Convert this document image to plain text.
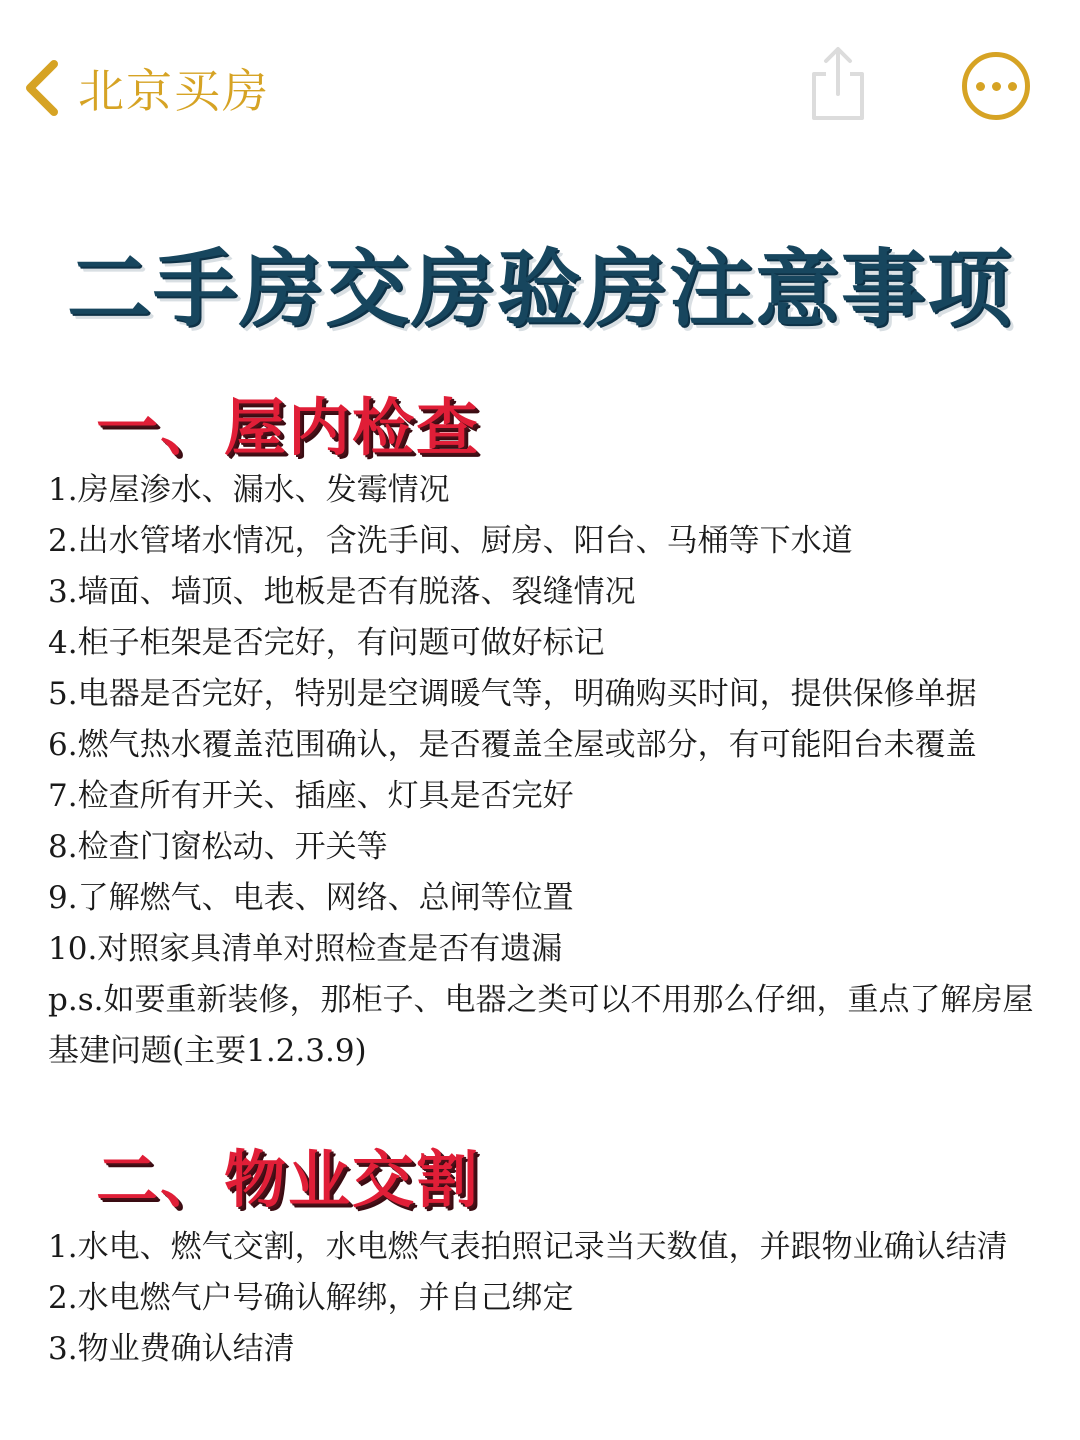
北京买房
二手房交房验房注意事项
一、屋内检查
1.房屋渗水、漏水、发霉情况
2.出水管堵水情况，含洗手间、厨房、阳台、马桶等下水道
3.墙面、墙顶、地板是否有脱落、裂缝情况
4.柜子柜架是否完好，有问题可做好标记
5.电器是否完好，特别是空调暖气等，明确购买时间，提供保修单据
6.燃气热水覆盖范围确认，是否覆盖全屋或部分，有可能阳台未覆盖
7.检查所有开关、插座、灯具是否完好
8.检查门窗松动、开关等
9.了解燃气、电表、网络、总闸等位置
10.对照家具清单对照检查是否有遗漏
p.s.如要重新装修，那柜子、电器之类可以不用那么仔细，重点了解房屋基建问题(主要1.2.3.9)
二、物业交割
1.水电、燃气交割，水电燃气表拍照记录当天数值，并跟物业确认结清
2.水电燃气户号确认解绑，并自己绑定
3.物业费确认结清
